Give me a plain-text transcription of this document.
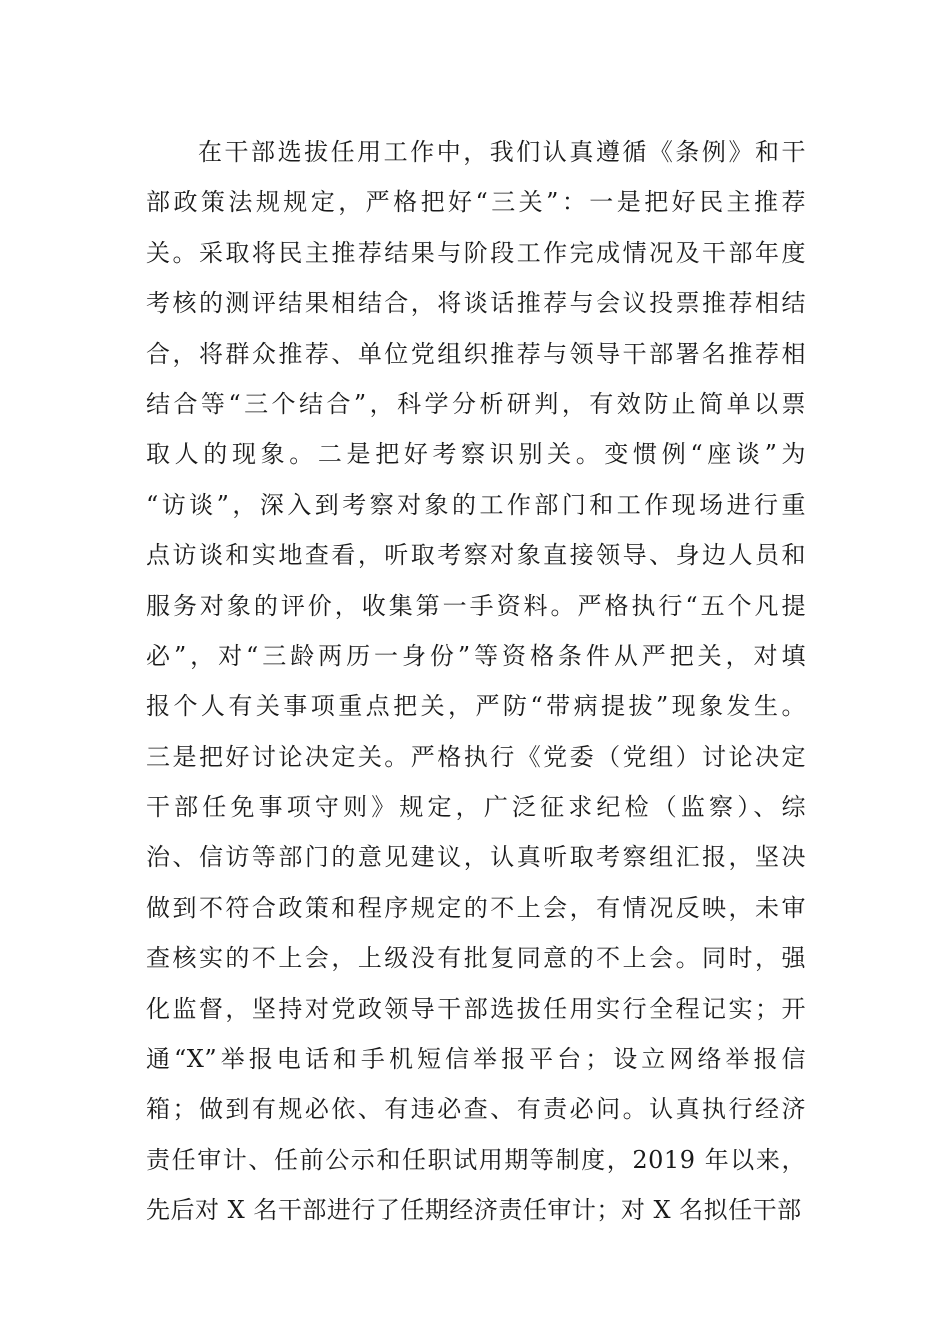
在干部选拔任用工作中，我们认真遵循《条例》和干
部政策法规规定，严格把好“三关”：一是把好民主推荐
关。采取将民主推荐结果与阶段工作完成情况及干部年度
考核的测评结果相结合，将谈话推荐与会议投票推荐相结
合，将群众推荐、单位党组织推荐与领导干部署名推荐相
结合等“三个结合”，科学分析研判，有效防止简单以票
取人的现象。二是把好考察识别关。变惯例“座谈”为
“访谈”，深入到考察对象的工作部门和工作现场进行重
点访谈和实地查看，听取考察对象直接领导、身边人员和
服务对象的评价，收集第一手资料。严格执行“五个凡提
必”，对“三龄两历一身份”等资格条件从严把关，对填
报个人有关事项重点把关，严防“带病提拔”现象发生。
三是把好讨论决定关。严格执行《党委（党组）讨论决定
干部任免事项守则》规定，广泛征求纪检（监察）、综
治、信访等部门的意见建议，认真听取考察组汇报，坚决
做到不符合政策和程序规定的不上会，有情况反映，未审
查核实的不上会，上级没有批复同意的不上会。同时，强
化监督，坚持对党政领导干部选拔任用实行全程记实；开
通“X”举报电话和手机短信举报平台；设立网络举报信
箱；做到有规必依、有违必查、有责必问。认真执行经济
责任审计、任前公示和任职试用期等制度，2019 年以来，
先后对 X 名干部进行了任期经济责任审计；对 X 名拟任干部
